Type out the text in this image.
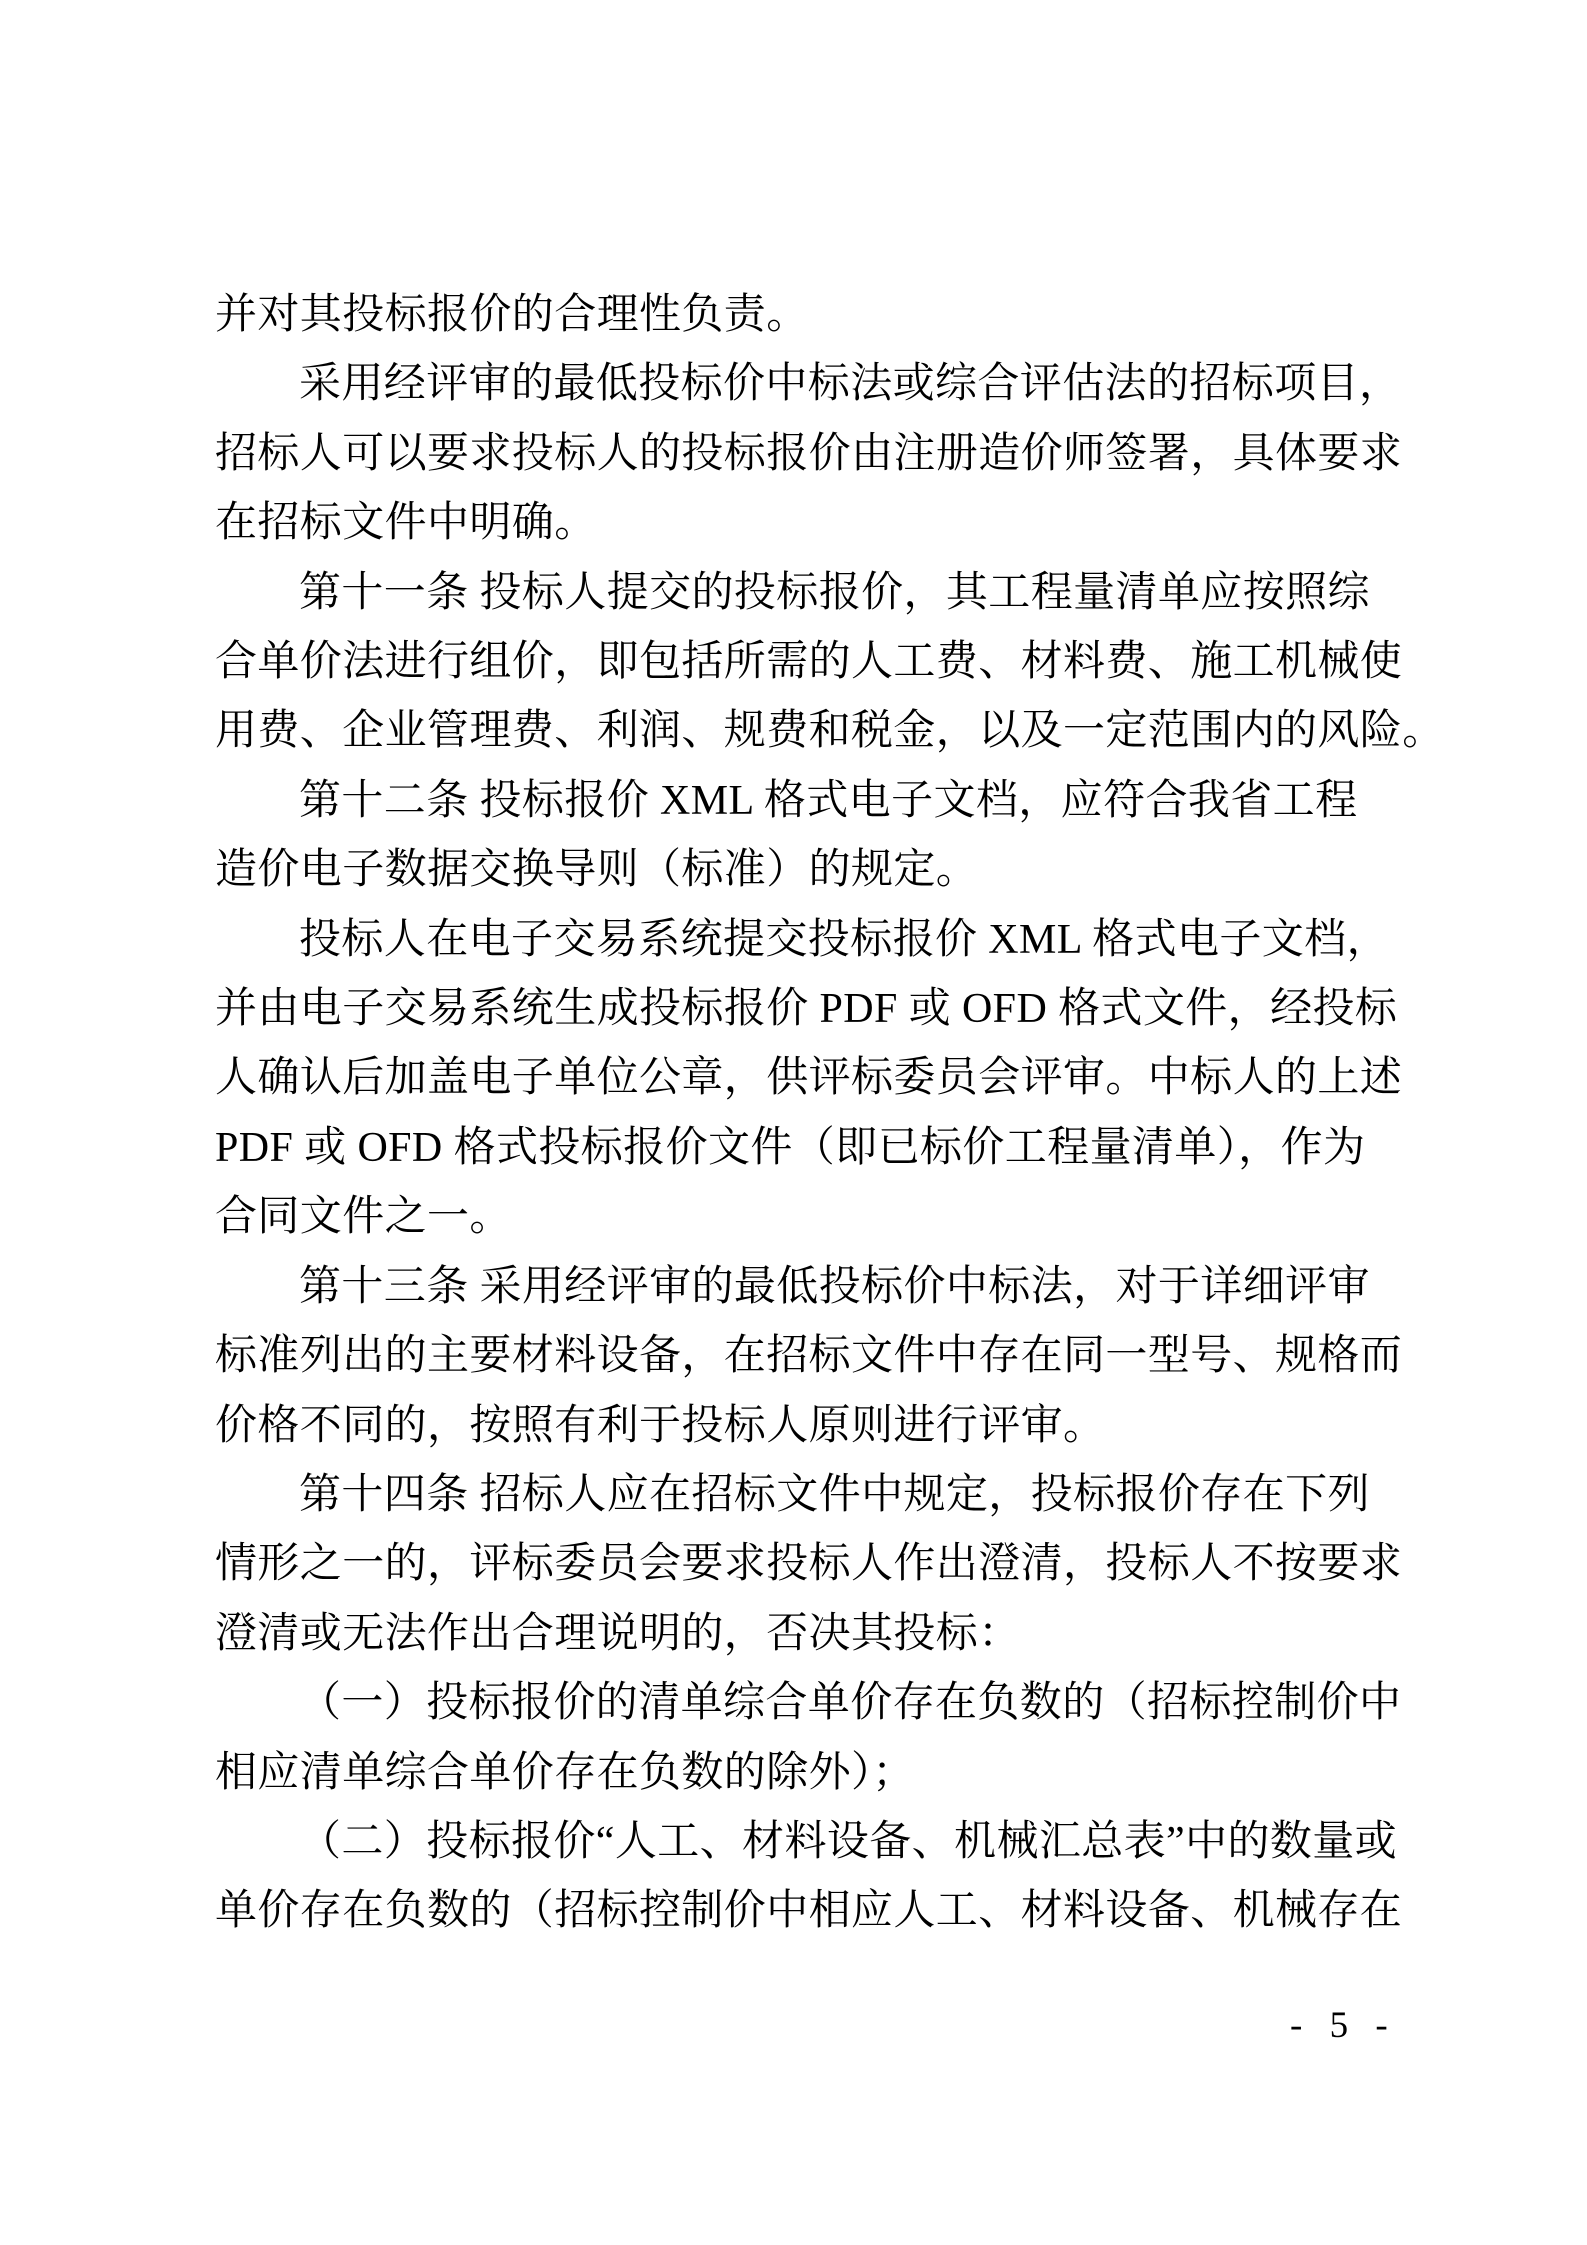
并对其投标报价的合理性负责。
采用经评审的最低投标价中标法或综合评估法的招标项目，
招标人可以要求投标人的投标报价由注册造价师签署，具体要求
在招标文件中明确。
第十一条 投标人提交的投标报价，其工程量清单应按照综
合单价法进行组价，即包括所需的人工费、材料费、施工机械使
用费、企业管理费、利润、规费和税金，以及一定范围内的风险。
第十二条 投标报价 XML 格式电子文档，应符合我省工程
造价电子数据交换导则（标准）的规定。
投标人在电子交易系统提交投标报价 XML 格式电子文档，
并由电子交易系统生成投标报价 PDF 或 OFD 格式文件，经投标
人确认后加盖电子单位公章，供评标委员会评审。中标人的上述
PDF 或 OFD 格式投标报价文件（即已标价工程量清单），作为
合同文件之一。
第十三条 采用经评审的最低投标价中标法，对于详细评审
标准列出的主要材料设备，在招标文件中存在同一型号、规格而
价格不同的，按照有利于投标人原则进行评审。
第十四条 招标人应在招标文件中规定，投标报价存在下列
情形之一的，评标委员会要求投标人作出澄清，投标人不按要求
澄清或无法作出合理说明的，否决其投标：
（一）投标报价的清单综合单价存在负数的（招标控制价中
相应清单综合单价存在负数的除外）；
（二）投标报价“人工、材料设备、机械汇总表”中的数量或
单价存在负数的（招标控制价中相应人工、材料设备、机械存在
- 5 -
